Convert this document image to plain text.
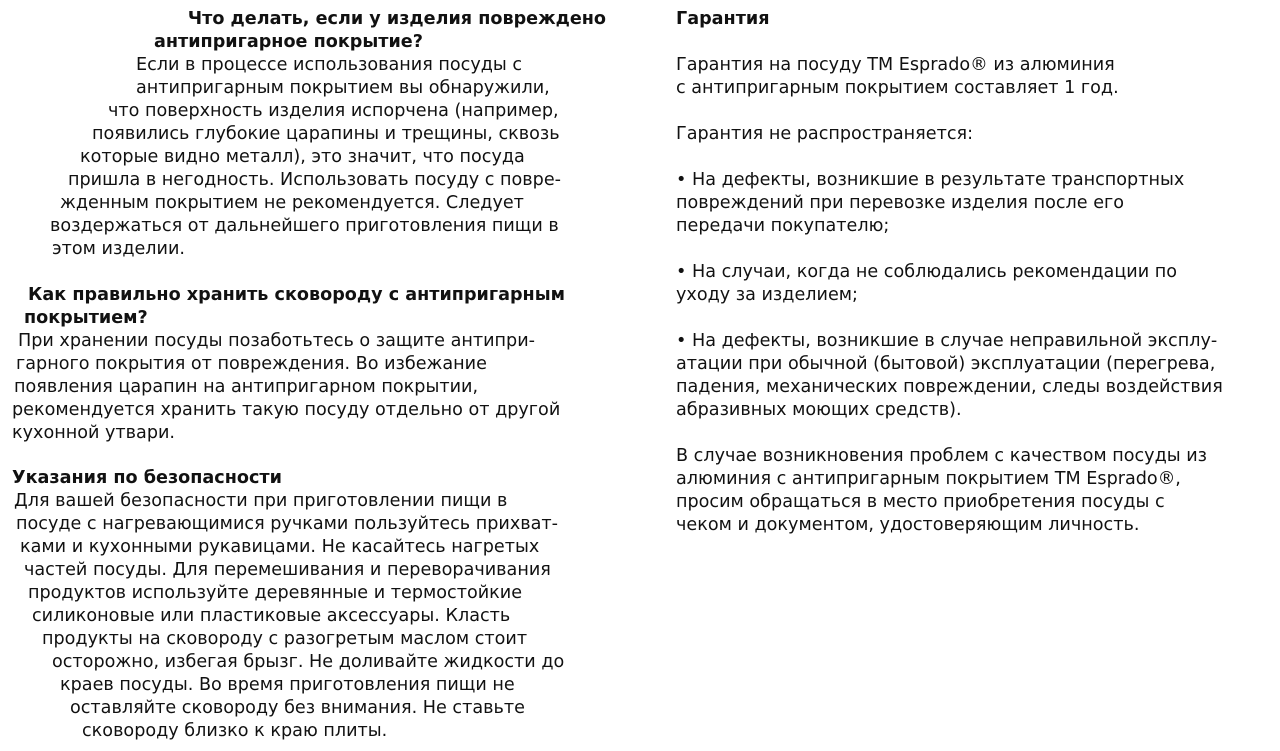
Что делать, если у изделия повреждено
антипригарное покрытие?
Если в процессе использования посуды с
антипригарным покрытием вы обнаружили,
что поверхность изделия испорчена (например,
появились глубокие царапины и трещины, сквозь
которые видно металл), это значит, что посуда
пришла в негодность. Использовать посуду с повре-
жденным покрытием не рекомендуется. Следует
воздержаться от дальнейшего приготовления пищи в
этом изделии.
Как правильно хранить сковороду с антипригарным
покрытием?
При хранении посуды позаботьтесь о защите антипри-
гарного покрытия от повреждения. Во избежание
появления царапин на антипригарном покрытии,
рекомендуется хранить такую посуду отдельно от другой
кухонной утвари.
Указания по безопасности
Для вашей безопасности при приготовлении пищи в
посуде с нагревающимися ручками пользуйтесь прихват-
ками и кухонными рукавицами. Не касайтесь нагретых
частей посуды. Для перемешивания и переворачивания
продуктов используйте деревянные и термостойкие
силиконовые или пластиковые аксессуары. Класть
продукты на сковороду с разогретым маслом стоит
осторожно, избегая брызг. Не доливайте жидкости до
краев посуды. Во время приготовления пищи не
оставляйте сковороду без внимания. Не ставьте
сковороду близко к краю плиты.
Гарантия
Гарантия на посуду ТМ Esprado® из алюминия
с антипригарным покрытием составляет 1 год.
Гарантия не распространяется:
• На дефекты, возникшие в результате транспортных
повреждений при перевозке изделия после его
передачи покупателю;
• На случаи, когда не соблюдались рекомендации по
уходу за изделием;
• На дефекты, возникшие в случае неправильной эксплу-
атации при обычной (бытовой) эксплуатации (перегрева,
падения, механических повреждении, следы воздействия
абразивных моющих средств).
В случае возникновения проблем с качеством посуды из
алюминия с антипригарным покрытием ТМ Esprado®,
просим обращаться в место приобретения посуды с
чеком и документом, удостоверяющим личность.
